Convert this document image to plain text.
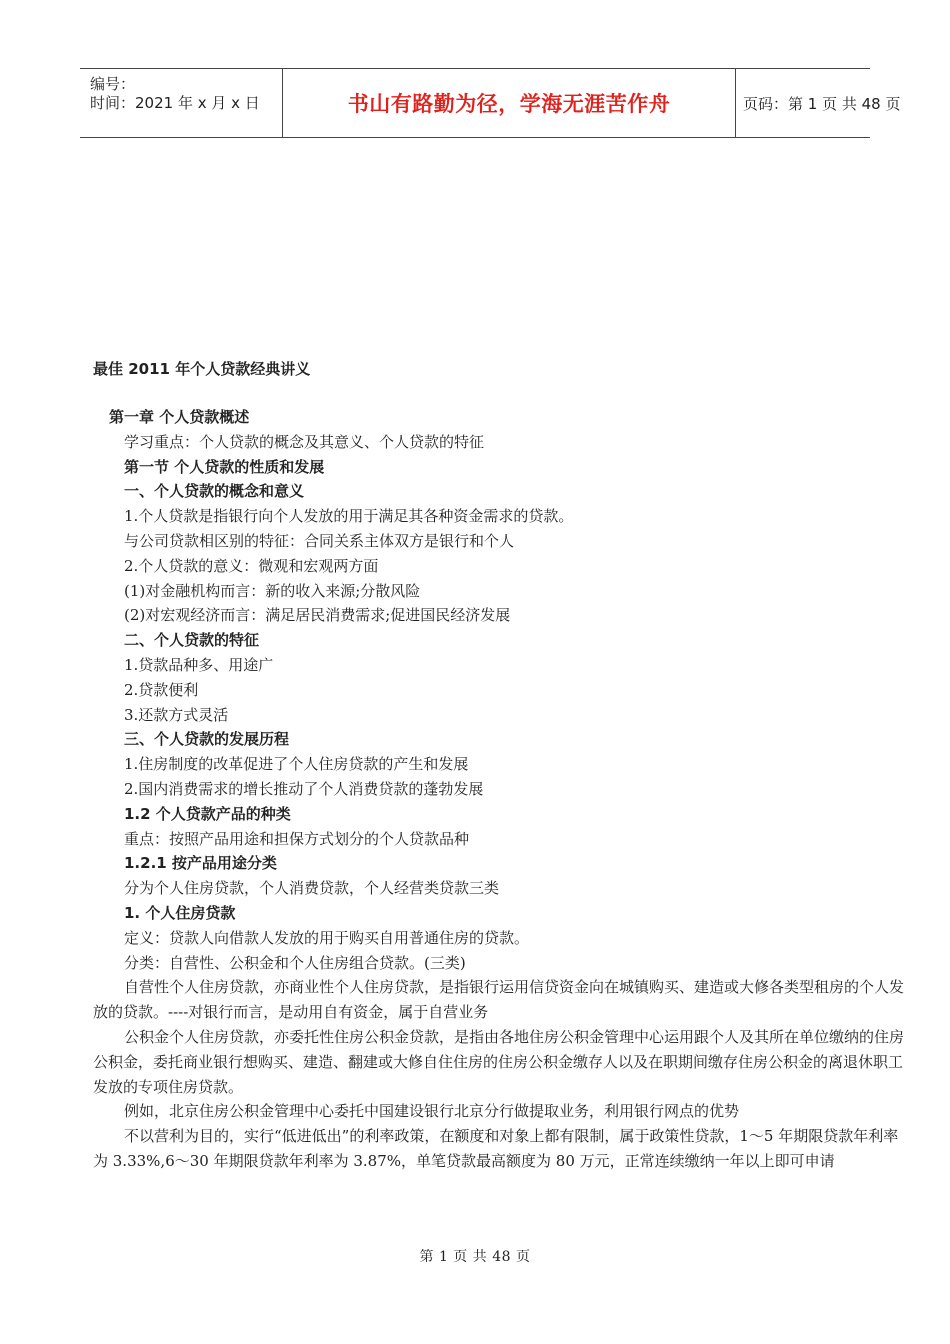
编号：
时间：2021 年 x 月 x 日	书山有路勤为径，学海无涯苦作舟	页码：第 1 页 共 48 页
最佳 2011 年个人贷款经典讲义
第一章 个人贷款概述
学习重点：个人贷款的概念及其意义、个人贷款的特征
第一节 个人贷款的性质和发展
一、个人贷款的概念和意义
1.个人贷款是指银行向个人发放的用于满足其各种资金需求的贷款。
与公司贷款相区别的特征：合同关系主体双方是银行和个人
2.个人贷款的意义：微观和宏观两方面
(1)对金融机构而言：新的收入来源;分散风险
(2)对宏观经济而言：满足居民消费需求;促进国民经济发展
二、个人贷款的特征
1.贷款品种多、用途广
2.贷款便利
3.还款方式灵活
三、个人贷款的发展历程
1.住房制度的改革促进了个人住房贷款的产生和发展
2.国内消费需求的增长推动了个人消费贷款的蓬勃发展
1.2 个人贷款产品的种类
重点：按照产品用途和担保方式划分的个人贷款品种
1.2.1 按产品用途分类
分为个人住房贷款，个人消费贷款，个人经营类贷款三类
1. 个人住房贷款
定义：贷款人向借款人发放的用于购买自用普通住房的贷款。
分类：自营性、公积金和个人住房组合贷款。(三类)

自营性个人住房贷款，亦商业性个人住房贷款，是指银行运用信贷资金向在城镇购买、建造或大修各类型租房的个人发放的贷款。----对银行而言，是动用自有资金，属于自营业务

公积金个人住房贷款，亦委托性住房公积金贷款，是指由各地住房公积金管理中心运用跟个人及其所在单位缴纳的住房公积金，委托商业银行想购买、建造、翻建或大修自住住房的住房公积金缴存人以及在职期间缴存住房公积金的离退休职工发放的专项住房贷款。

例如，北京住房公积金管理中心委托中国建设银行北京分行做提取业务，利用银行网点的优势

不以营利为目的，实行“低进低出”的利率政策，在额度和对象上都有限制，属于政策性贷款，1～5 年期限贷款年利率为 3.33%,6～30 年期限贷款年利率为 3.87%，单笔贷款最高额度为 80 万元，正常连续缴纳一年以上即可申请

第 1 页 共 48 页
